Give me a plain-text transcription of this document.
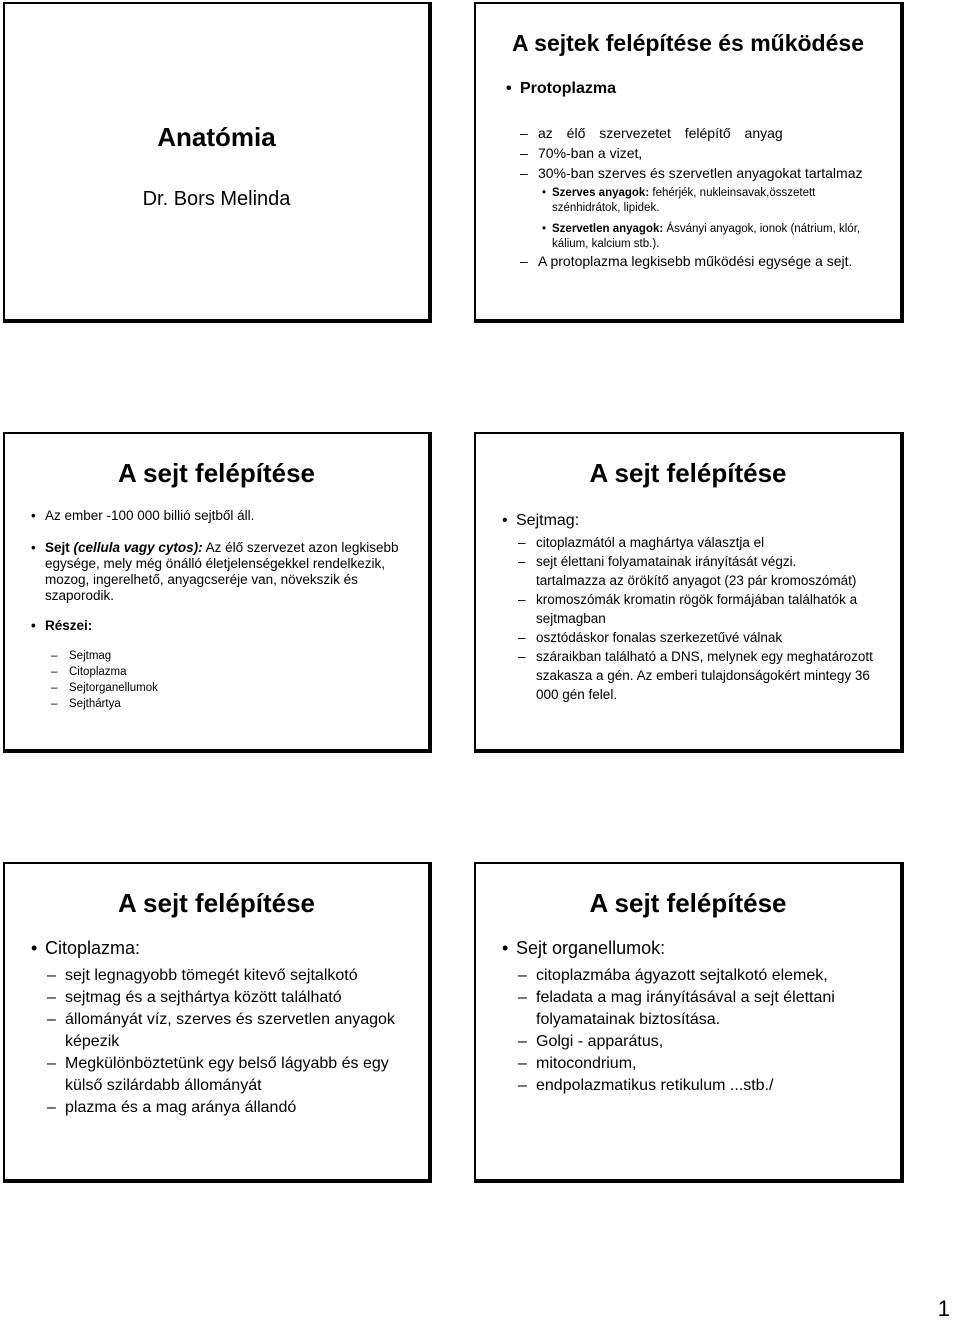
Anatómia
Dr. Bors Melinda
A sejtek felépítése és működése
• Protoplazma
– az élő szervezetet felépítő anyag
– 70%-ban a vizet,
– 30%-ban szerves és szervetlen anyagokat tartalmaz
• Szerves anyagok: fehérjék, nukleinsavak,összetett szénhidrátok, lipidek.
• Szervetlen anyagok: Ásványi anyagok, ionok (nátrium, klór, kálium, kalcium stb.).
– A protoplazma legkisebb működési egysége a sejt.
A sejt felépítése
• Az ember -100 000 billió sejtből áll.
• Sejt (cellula vagy cytos): Az élő szervezet azon legkisebb egysége, mely még önálló életjelenségekkel rendelkezik, mozog, ingerelhető, anyagcseréje van, növekszik és szaporodik.
• Részei:
– Sejtmag
– Citoplazma
– Sejtorganellumok
– Sejthártya
A sejt felépítése
• Sejtmag:
– citoplazmától a maghártya választja el
– sejt élettani folyamatainak irányítását végzi.
tartalmazza az örökítő anyagot (23 pár kromoszómát)
– kromoszómák kromatin rögök formájában találhatók a sejtmagban
– osztódáskor fonalas szerkezetűvé válnak
– száraikban található a DNS, melynek egy meghatározott szakasza a gén. Az emberi tulajdonságokért mintegy 36 000 gén felel.
A sejt felépítése
• Citoplazma:
– sejt legnagyobb tömegét kitevő sejtalkotó
– sejtmag és a sejthártya között található
– állományát víz, szerves és szervetlen anyagok képezik
– Megkülönböztetünk egy belső lágyabb és egy külső szilárdabb állományát
– plazma és a mag aránya állandó
A sejt felépítése
• Sejt organellumok:
– citoplazmába ágyazott sejtalkotó elemek,
– feladata a mag irányításával a sejt élettani folyamatainak biztosítása.
– Golgi - apparátus,
– mitocondrium,
– endpolazmatikus retikulum ...stb./
1
